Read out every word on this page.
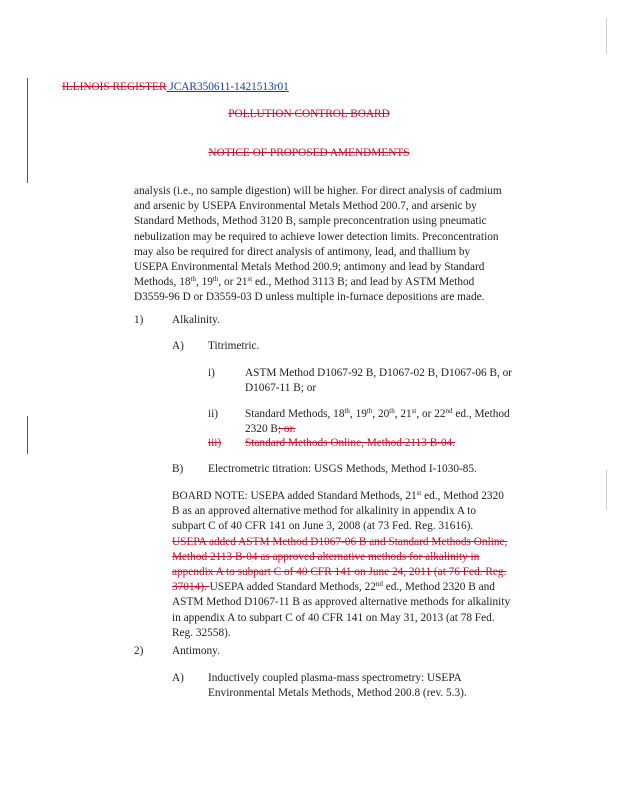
ILLINOIS REGISTER JCAR350611-1421513r01
POLLUTION CONTROL BOARD
NOTICE OF PROPOSED AMENDMENTS
analysis (i.e., no sample digestion) will be higher. For direct analysis of cadmium
and arsenic by USEPA Environmental Metals Method 200.7, and arsenic by
Standard Methods, Method 3120 B, sample preconcentration using pneumatic
nebulization may be required to achieve lower detection limits. Preconcentration
may also be required for direct analysis of antimony, lead, and thallium by
USEPA Environmental Metals Method 200.9; antimony and lead by Standard
Methods, 18th, 19th, or 21st ed., Method 3113 B; and lead by ASTM Method
D3559-96 D or D3559-03 D unless multiple in-furnace depositions are made.
1)	Alkalinity.
A) Titrimetric.
i)	ASTM Method D1067-92 B, D1067-02 B, D1067-06 B, or
D1067-11 B; or
ii) Standard Methods, 18th, 19th, 20th, 21st, or 22nd ed., Method
2320 B; or.
iii) Standard Methods Online, Method 2113 B-04.
B) Electrometric titration: USGS Methods, Method I-1030-85.
BOARD NOTE: USEPA added Standard Methods, 21st ed., Method 2320
B as an approved alternative method for alkalinity in appendix A to
subpart C of 40 CFR 141 on June 3, 2008 (at 73 Fed. Reg. 31616).
USEPA added ASTM Method D1067-06 B and Standard Methods Online,
Method 2113 B-04 as approved alternative methods for alkalinity in
appendix A to subpart C of 40 CFR 141 on June 24, 2011 (at 76 Fed. Reg.
37014). USEPA added Standard Methods, 22nd ed., Method 2320 B and
ASTM Method D1067-11 B as approved alternative methods for alkalinity
in appendix A to subpart C of 40 CFR 141 on May 31, 2013 (at 78 Fed.
Reg. 32558).
2)	Antimony.
A) Inductively coupled plasma-mass spectrometry: USEPA
Environmental Metals Methods, Method 200.8 (rev. 5.3).
